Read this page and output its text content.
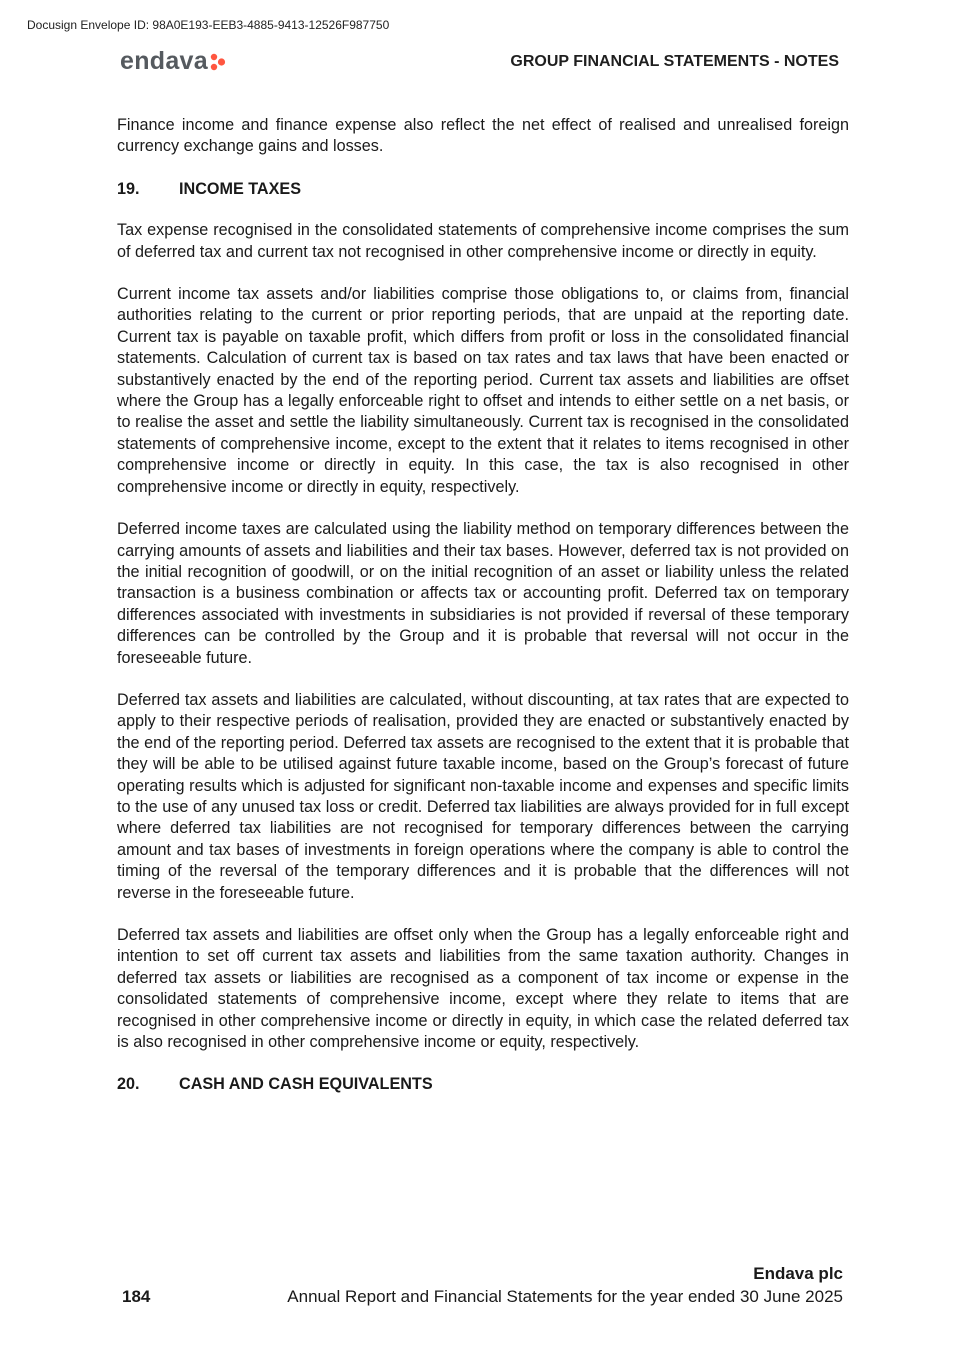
Docusign Envelope ID: 98A0E193-EEB3-4885-9413-12526F987750
endava	GROUP FINANCIAL STATEMENTS - NOTES

Finance income and finance expense also reflect the net effect of realised and unrealised foreign currency exchange gains and losses.

19.	INCOME TAXES

Tax expense recognised in the consolidated statements of comprehensive income comprises the sum of deferred tax and current tax not recognised in other comprehensive income or directly in equity.

Current income tax assets and/or liabilities comprise those obligations to, or claims from, financial authorities relating to the current or prior reporting periods, that are unpaid at the reporting date. Current tax is payable on taxable profit, which differs from profit or loss in the consolidated financial statements. Calculation of current tax is based on tax rates and tax laws that have been enacted or substantively enacted by the end of the reporting period. Current tax assets and liabilities are offset where the Group has a legally enforceable right to offset and intends to either settle on a net basis, or to realise the asset and settle the liability simultaneously. Current tax is recognised in the consolidated statements of comprehensive income, except to the extent that it relates to items recognised in other comprehensive income or directly in equity. In this case, the tax is also recognised in other comprehensive income or directly in equity, respectively.

Deferred income taxes are calculated using the liability method on temporary differences between the carrying amounts of assets and liabilities and their tax bases. However, deferred tax is not provided on the initial recognition of goodwill, or on the initial recognition of an asset or liability unless the related transaction is a business combination or affects tax or accounting profit. Deferred tax on temporary differences associated with investments in subsidiaries is not provided if reversal of these temporary differences can be controlled by the Group and it is probable that reversal will not occur in the foreseeable future.

Deferred tax assets and liabilities are calculated, without discounting, at tax rates that are expected to apply to their respective periods of realisation, provided they are enacted or substantively enacted by the end of the reporting period. Deferred tax assets are recognised to the extent that it is probable that they will be able to be utilised against future taxable income, based on the Group’s forecast of future operating results which is adjusted for significant non-taxable income and expenses and specific limits to the use of any unused tax loss or credit. Deferred tax liabilities are always provided for in full except where deferred tax liabilities are not recognised for temporary differences between the carrying amount and tax bases of investments in foreign operations where the company is able to control the timing of the reversal of the temporary differences and it is probable that the differences will not reverse in the foreseeable future.

Deferred tax assets and liabilities are offset only when the Group has a legally enforceable right and intention to set off current tax assets and liabilities from the same taxation authority. Changes in deferred tax assets or liabilities are recognised as a component of tax income or expense in the consolidated statements of comprehensive income, except where they relate to items that are recognised in other comprehensive income or directly in equity, in which case the related deferred tax is also recognised in other comprehensive income or equity, respectively.

20.	CASH AND CASH EQUIVALENTS
Endava plc
184	Annual Report and Financial Statements for the year ended 30 June 2025
